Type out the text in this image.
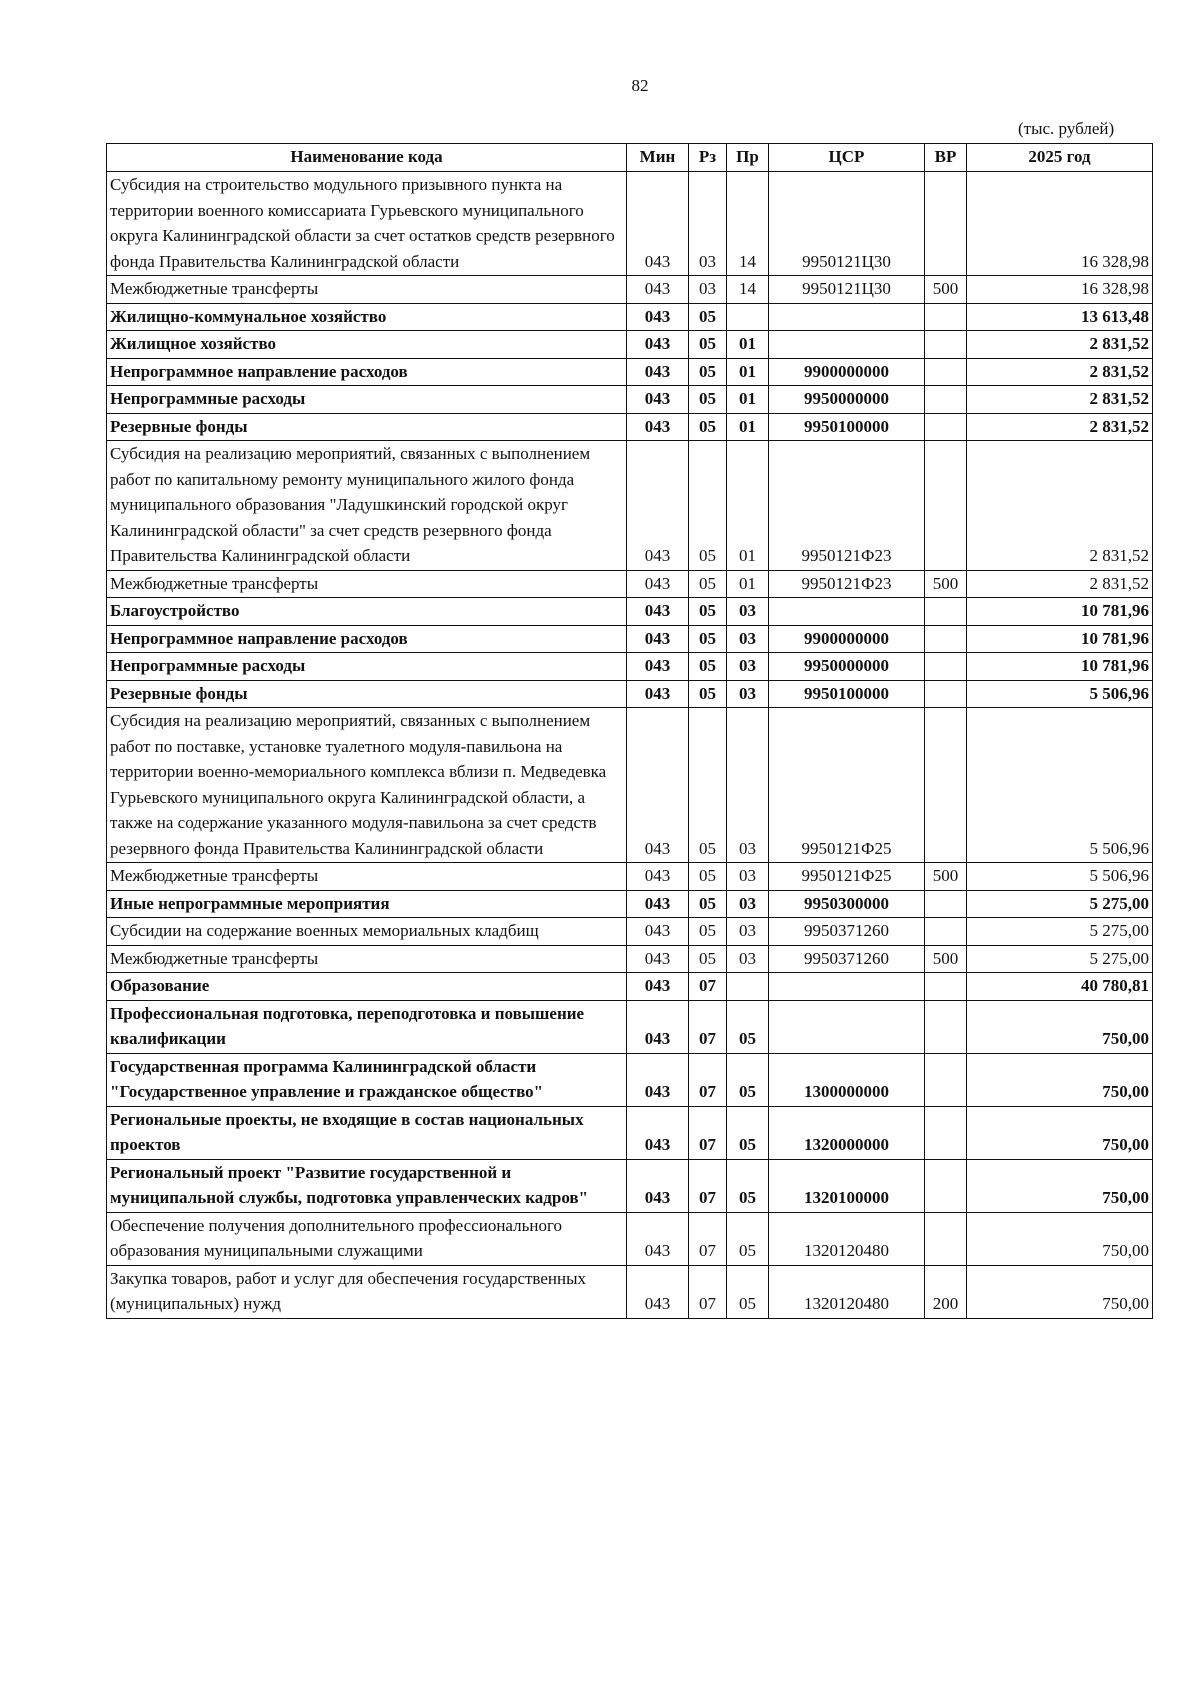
82
(тыс. рублей)
Наименование кода	Мин	Рз	Пр	ЦСР	ВР	2025 год
Субсидия на строительство модульного призывного пункта на территории военного комиссариата Гурьевского муниципального округа Калининградской области за счет остатков средств резервного фонда Правительства Калининградской области	043	03	14	9950121Ц30		16 328,98
Межбюджетные трансферты	043	03	14	9950121Ц30	500	16 328,98
Жилищно-коммунальное хозяйство	043	05				13 613,48
Жилищное хозяйство	043	05	01			2 831,52
Непрограммное направление расходов	043	05	01	9900000000		2 831,52
Непрограммные расходы	043	05	01	9950000000		2 831,52
Резервные фонды	043	05	01	9950100000		2 831,52
Субсидия на реализацию мероприятий, связанных с выполнением работ по капитальному ремонту муниципального жилого фонда муниципального образования "Ладушкинский городской округ Калининградской области" за счет средств резервного фонда Правительства Калининградской области	043	05	01	9950121Ф23		2 831,52
Межбюджетные трансферты	043	05	01	9950121Ф23	500	2 831,52
Благоустройство	043	05	03			10 781,96
Непрограммное направление расходов	043	05	03	9900000000		10 781,96
Непрограммные расходы	043	05	03	9950000000		10 781,96
Резервные фонды	043	05	03	9950100000		5 506,96
Субсидия на реализацию мероприятий, связанных с выполнением работ по поставке, установке туалетного модуля-павильона на территории военно-мемориального комплекса вблизи п. Медведевка Гурьевского муниципального округа Калининградской области, а также на содержание указанного модуля-павильона за счет средств резервного фонда Правительства Калининградской области	043	05	03	9950121Ф25		5 506,96
Межбюджетные трансферты	043	05	03	9950121Ф25	500	5 506,96
Иные непрограммные мероприятия	043	05	03	9950300000		5 275,00
Субсидии на содержание военных мемориальных кладбищ	043	05	03	9950371260		5 275,00
Межбюджетные трансферты	043	05	03	9950371260	500	5 275,00
Образование	043	07				40 780,81
Профессиональная подготовка, переподготовка и повышение квалификации	043	07	05			750,00
Государственная программа Калининградской области "Государственное управление и гражданское общество"	043	07	05	1300000000		750,00
Региональные проекты, не входящие в состав национальных проектов	043	07	05	1320000000		750,00
Региональный проект "Развитие государственной и муниципальной службы, подготовка управленческих кадров"	043	07	05	1320100000		750,00
Обеспечение получения дополнительного профессионального образования муниципальными служащими	043	07	05	1320120480		750,00
Закупка товаров, работ и услуг для обеспечения государственных (муниципальных) нужд	043	07	05	1320120480	200	750,00
